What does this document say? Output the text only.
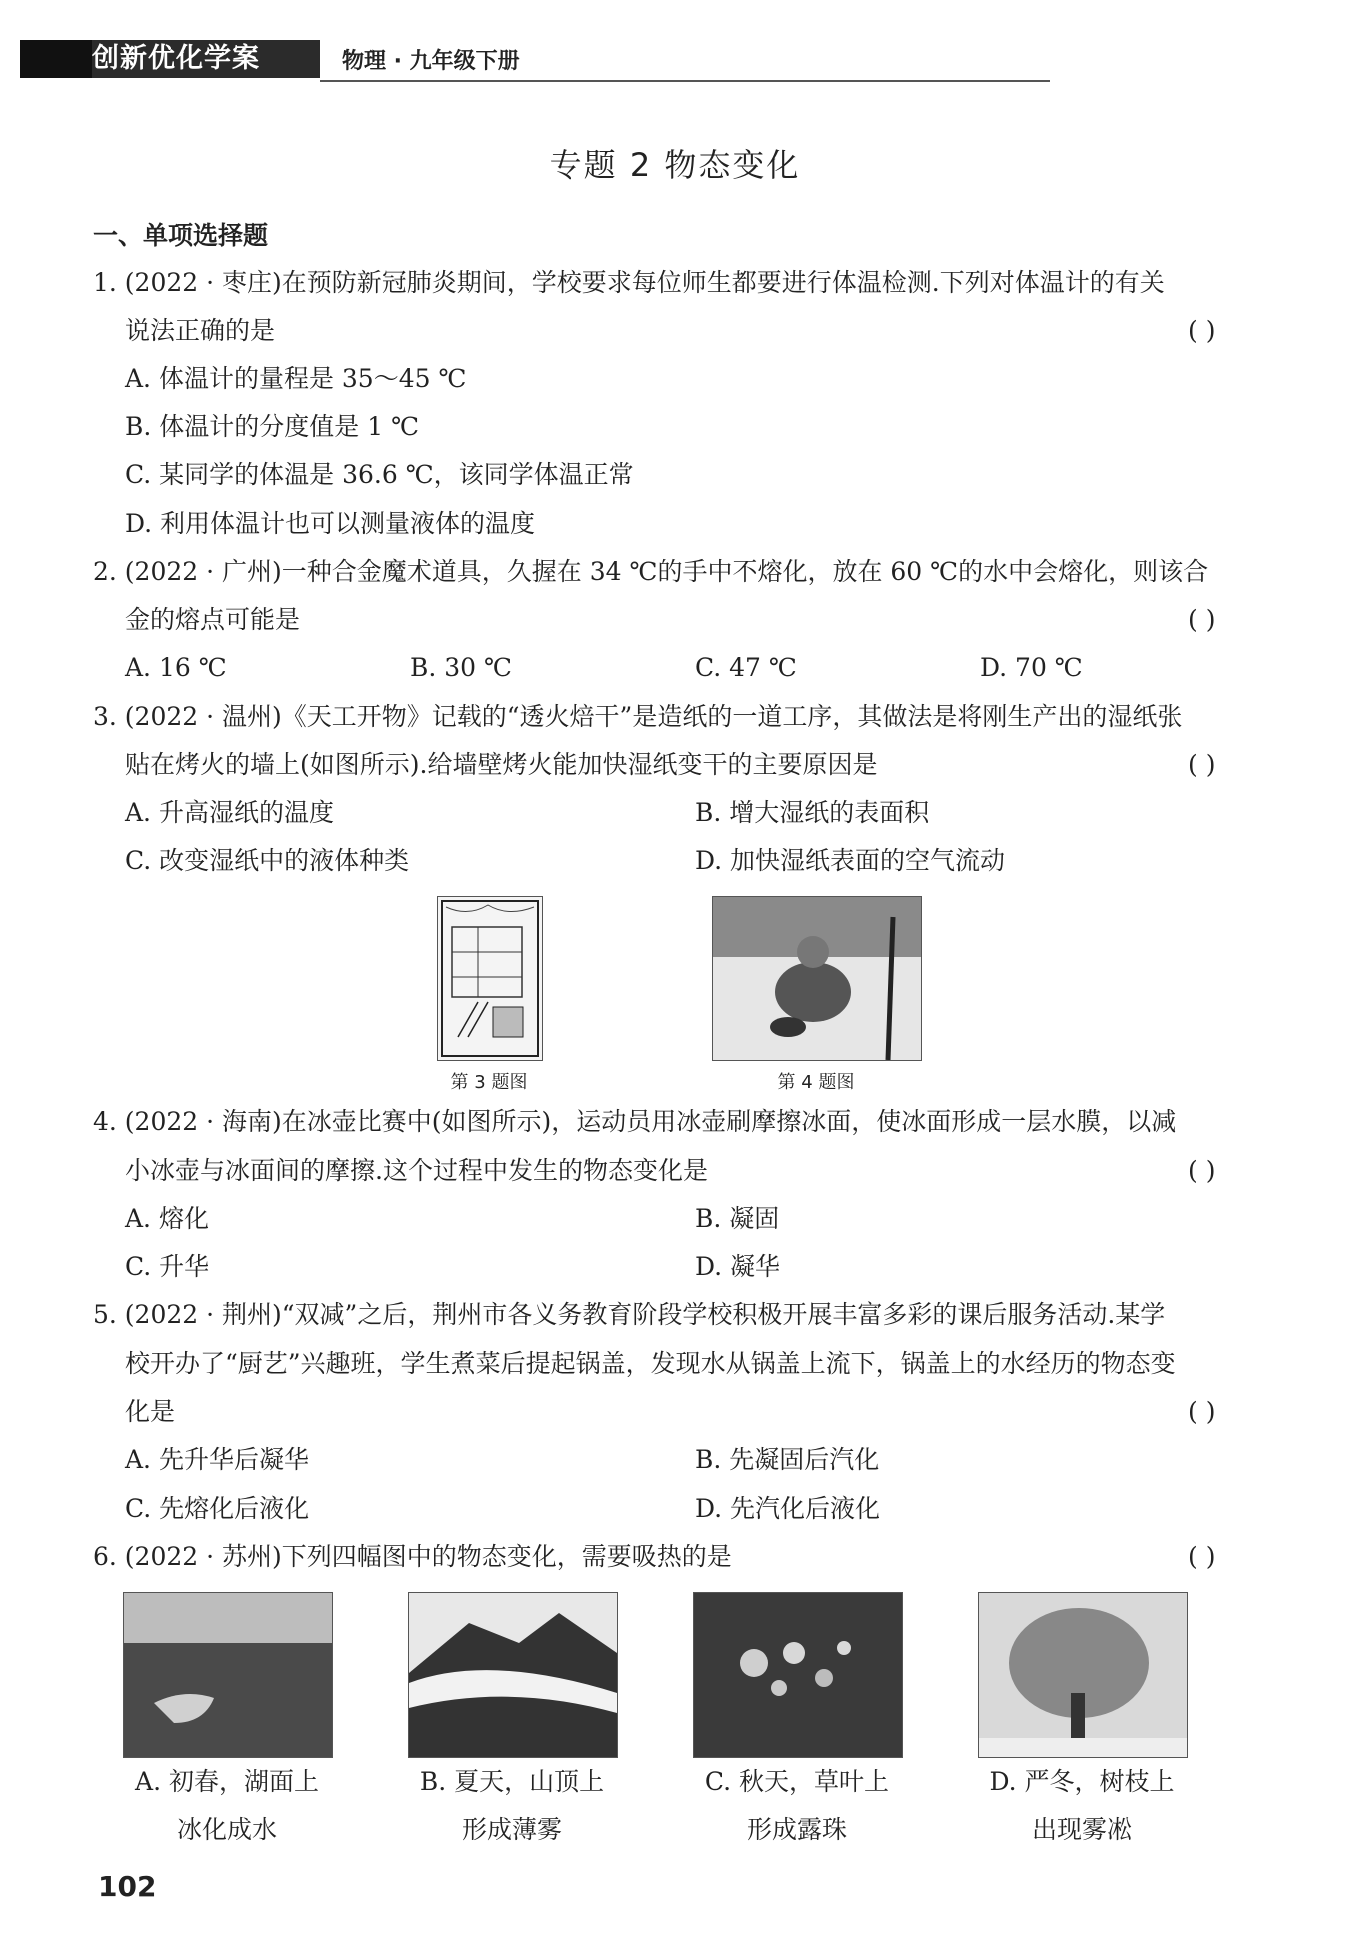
创新优化学案	物理 · 九年级下册
专题 2 物态变化
一、单项选择题
1. (2022 · 枣庄)在预防新冠肺炎期间，学校要求每位师生都要进行体温检测.下列对体温计的有关
说法正确的是	( )
A. 体温计的量程是 35～45 ℃
B. 体温计的分度值是 1 ℃
C. 某同学的体温是 36.6 ℃，该同学体温正常
D. 利用体温计也可以测量液体的温度
2. (2022 · 广州)一种合金魔术道具，久握在 34 ℃的手中不熔化，放在 60 ℃的水中会熔化，则该合
金的熔点可能是	( )
A. 16 ℃	B. 30 ℃	C. 47 ℃	D. 70 ℃
3. (2022 · 温州)《天工开物》记载的“透火焙干”是造纸的一道工序，其做法是将刚生产出的湿纸张
贴在烤火的墙上(如图所示).给墙壁烤火能加快湿纸变干的主要原因是	( )
A. 升高湿纸的温度	B. 增大湿纸的表面积
C. 改变湿纸中的液体种类	D. 加快湿纸表面的空气流动
第 3 题图	第 4 题图
4. (2022 · 海南)在冰壶比赛中(如图所示)，运动员用冰壶刷摩擦冰面，使冰面形成一层水膜，以减
小冰壶与冰面间的摩擦.这个过程中发生的物态变化是	( )
A. 熔化	B. 凝固
C. 升华	D. 凝华
5. (2022 · 荆州)“双减”之后，荆州市各义务教育阶段学校积极开展丰富多彩的课后服务活动.某学
校开办了“厨艺”兴趣班，学生煮菜后提起锅盖，发现水从锅盖上流下，锅盖上的水经历的物态变
化是	( )
A. 先升华后凝华	B. 先凝固后汽化
C. 先熔化后液化	D. 先汽化后液化
6. (2022 · 苏州)下列四幅图中的物态变化，需要吸热的是	( )
A. 初春，湖面上
冰化成水
B. 夏天，山顶上
形成薄雾
C. 秋天，草叶上
形成露珠
D. 严冬，树枝上
出现雾凇
102
